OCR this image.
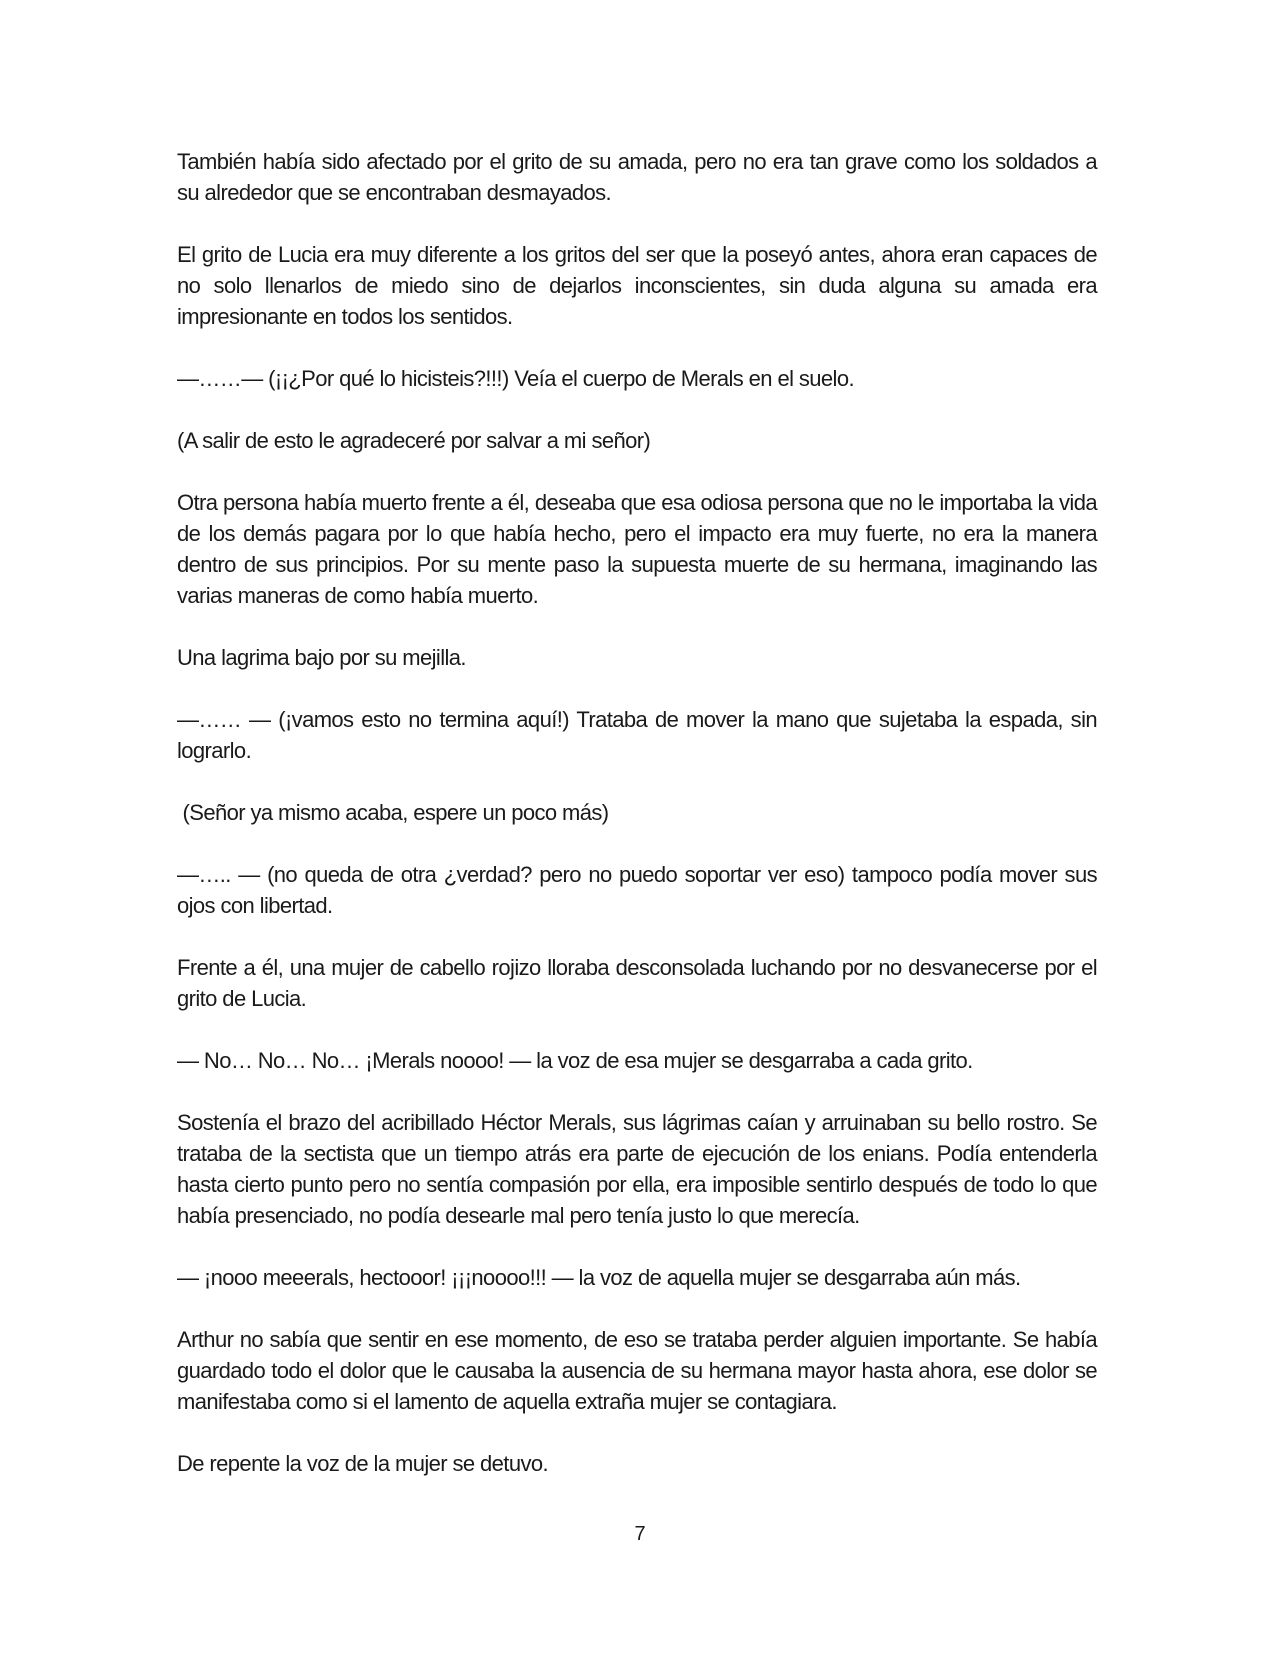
También había sido afectado por el grito de su amada, pero no era tan grave como los soldados a su alrededor que se encontraban desmayados.

El grito de Lucia era muy diferente a los gritos del ser que la poseyó antes, ahora eran capaces de no solo llenarlos de miedo sino de dejarlos inconscientes, sin duda alguna su amada era impresionante en todos los sentidos.

—……— (¡¡¿Por qué lo hicisteis?!!!) Veía el cuerpo de Merals en el suelo.

(A salir de esto le agradeceré por salvar a mi señor)

Otra persona había muerto frente a él, deseaba que esa odiosa persona que no le importaba la vida de los demás pagara por lo que había hecho, pero el impacto era muy fuerte, no era la manera dentro de sus principios. Por su mente paso la supuesta muerte de su hermana, imaginando las varias maneras de como había muerto.

Una lagrima bajo por su mejilla.

—…… — (¡vamos esto no termina aquí!) Trataba de mover la mano que sujetaba la espada, sin lograrlo.

(Señor ya mismo acaba, espere un poco más)

—….. — (no queda de otra ¿verdad? pero no puedo soportar ver eso) tampoco podía mover sus ojos con libertad.

Frente a él, una mujer de cabello rojizo lloraba desconsolada luchando por no desvanecerse por el grito de Lucia.

— No… No… No… ¡Merals noooo! — la voz de esa mujer se desgarraba a cada grito.

Sostenía el brazo del acribillado Héctor Merals, sus lágrimas caían y arruinaban su bello rostro. Se trataba de la sectista que un tiempo atrás era parte de ejecución de los enians. Podía entenderla hasta cierto punto pero no sentía compasión por ella, era imposible sentirlo después de todo lo que había presenciado, no podía desearle mal pero tenía justo lo que merecía.

— ¡nooo meeerals, hectooor! ¡¡¡noooo!!! — la voz de aquella mujer se desgarraba aún más.

Arthur no sabía que sentir en ese momento, de eso se trataba perder alguien importante. Se había guardado todo el dolor que le causaba la ausencia de su hermana mayor hasta ahora, ese dolor se manifestaba como si el lamento de aquella extraña mujer se contagiara.

De repente la voz de la mujer se detuvo.

7
